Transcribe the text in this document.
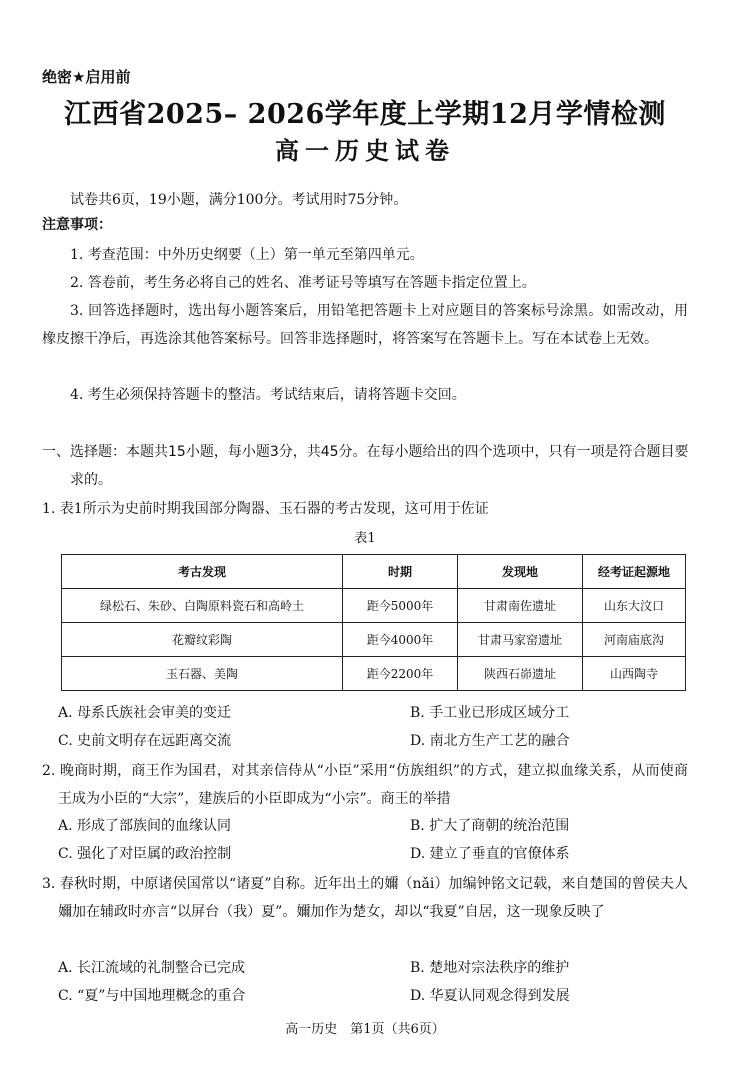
绝密★启用前
江西省2025– 2026学年度上学期12月学情检测
高一历史试卷
试卷共6页，19小题，满分100分。考试用时75分钟。
注意事项：
1. 考查范围：中外历史纲要（上）第一单元至第四单元。
2. 答卷前，考生务必将自己的姓名、准考证号等填写在答题卡指定位置上。
3. 回答选择题时，选出每小题答案后，用铅笔把答题卡上对应题目的答案标号涂黑。如需改动，用橡皮擦干净后，再选涂其他答案标号。回答非选择题时，将答案写在答题卡上。写在本试卷上无效。
4. 考生必须保持答题卡的整洁。考试结束后，请将答题卡交回。
一、选择题：本题共15小题，每小题3分，共45分。在每小题给出的四个选项中，只有一项是符合题目要求的。
1. 表1所示为史前时期我国部分陶器、玉石器的考古发现，这可用于佐证
表1
考古发现	时期	发现地	经考证起源地
绿松石、朱砂、白陶原料瓷石和高岭土	距今5000年	甘肃南佐遗址	山东大汶口
花瓣纹彩陶	距今4000年	甘肃马家窑遗址	河南庙底沟
玉石器、美陶	距今2200年	陕西石峁遗址	山西陶寺
A. 母系氏族社会审美的变迁	B. 手工业已形成区域分工
C. 史前文明存在远距离交流	D. 南北方生产工艺的融合
2. 晚商时期，商王作为国君，对其亲信侍从“小臣”采用“仿族组织”的方式，建立拟血缘关系，从而使商王成为小臣的“大宗”，建族后的小臣即成为“小宗”。商王的举措
A. 形成了部族间的血缘认同	B. 扩大了商朝的统治范围
C. 强化了对臣属的政治控制	D. 建立了垂直的官僚体系
3. 春秋时期，中原诸侯国常以“诸夏”自称。近年出土的嬭（nǎi）加编钟铭文记载，来自楚国的曾侯夫人嬭加在辅政时亦言“以屏台（我）夏”。嬭加作为楚女，却以“我夏”自居，这一现象反映了
A. 长江流域的礼制整合已完成	B. 楚地对宗法秩序的维护
C. “夏”与中国地理概念的重合	D. 华夏认同观念得到发展
高一历史　第1页（共6页）
